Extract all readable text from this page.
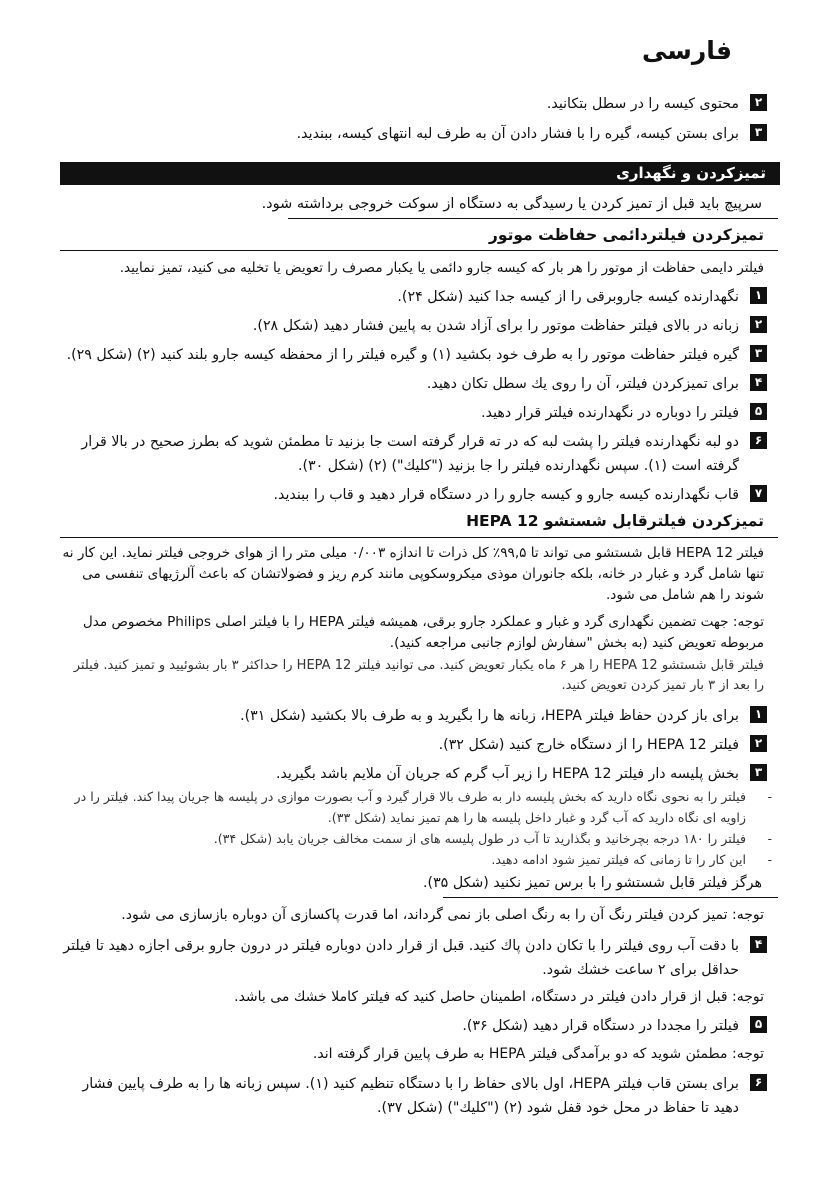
فارسی
۲
محتوی کیسه را در سطل بتکانید.
۳
برای بستن کیسه، گیره را با فشار دادن آن به طرف لبه انتهای کیسه، ببندید.
تمیزکردن و نگهداری
سرپیچ باید قبل از تمیز کردن یا رسیدگی به دستگاه از سوکت خروجی برداشته شود.
تمیزکردن فیلتردائمی حفاظت موتور
فیلتر دایمی حفاظت از موتور را هر بار که کیسه جارو دائمی یا یکبار مصرف را تعویض یا تخلیه می کنید، تمیز نمایید.
۱
نگهدارنده کیسه جاروبرقی را از کیسه جدا کنید (شکل ۲۴).
۲
زبانه در بالای فیلتر حفاظت موتور را برای آزاد شدن به پایین فشار دهید (شکل ۲۸).
۳
گیره فیلتر حفاظت موتور را به طرف خود بکشید (۱) و گیره فیلتر را از محفظه کیسه جارو بلند کنید (۲) (شکل ۲۹).
۴
برای تمیزکردن فیلتر، آن را روی یك سطل تکان دهید.
۵
فیلتر را دوباره در نگهدارنده فیلتر قرار دهید.
۶
دو لبه نگهدارنده فیلتر را پشت لبه که در ته قرار گرفته است جا بزنید تا مطمئن شوید که بطرز صحیح در بالا قرار گرفته است (۱). سپس نگهدارنده فیلتر را جا بزنید ("کلیك") (۲) (شکل ۳۰).
۷
قاب نگهدارنده کیسه جارو و کیسه جارو را در دستگاه قرار دهید و قاب را ببندید.
تمیزکردن فیلترقابل شستشو HEPA 12
فیلتر HEPA 12 قابل شستشو می تواند تا ۹۹,۵٪ کل ذرات تا اندازه ۰/۰۰۳ میلی متر را از هوای خروجی فیلتر نماید. این کار نه تنها شامل گرد و غبار در خانه، بلکه جانوران موذی میکروسکوپی مانند کرم ریز و فضولاتشان که باعث آلرژیهای تنفسی می شوند را هم شامل می شود.
توجه: جهت تضمین نگهداری گرد و غبار و عملکرد جارو برقی، همیشه فیلتر HEPA را با فیلتر اصلی Philips مخصوص مدل مربوطه تعویض کنید (به بخش "سفارش لوازم جانبی مراجعه کنید).
فیلتر قابل شستشو HEPA 12 را هر ۶ ماه یکبار تعویض کنید. می توانید فیلتر HEPA 12 را حداکثر ۳ بار بشوئیید و تمیز کنید. فیلتر را بعد از ۳ بار تمیز کردن تعویض کنید.
۱
برای باز کردن حفاظ فیلتر HEPA، زبانه ها را بگیرید و به طرف بالا بکشید (شکل ۳۱).
۲
فیلتر HEPA 12 را از دستگاه خارج کنید (شکل ۳۲).
۳
بخش پلیسه دار فیلتر HEPA 12 را زیر آب گرم که جریان آن ملایم باشد بگیرید.
-
فیلتر را به نحوی نگاه دارید که بخش پلیسه دار به طرف بالا قرار گیرد و آب بصورت موازی در پلیسه ها جریان پیدا کند. فیلتر را در زاویه ای نگاه دارید که آب گرد و غبار داخل پلیسه ها را هم تمیز نماید (شکل ۳۳).
-
فیلتر را ۱۸۰ درجه بچرخانید و بگذارید تا آب در طول پلیسه های از سمت مخالف جریان یابد (شکل ۳۴).
-
این کار را تا زمانی که فیلتر تمیز شود ادامه دهید.
هرگز فیلتر قابل شستشو را با برس تمیز نکنید (شکل ۳۵).
توجه: تمیز کردن فیلتر رنگ آن را به رنگ اصلی باز نمی گرداند، اما قدرت پاکسازی آن دوباره بازسازی می شود.
۴
با دقت آب روی فیلتر را با تکان دادن پاك کنید. قبل از قرار دادن دوباره فیلتر در درون جارو برقی اجازه دهید تا فیلتر حداقل برای ۲ ساعت خشك شود.
توجه: قبل از قرار دادن فیلتر در دستگاه، اطمینان حاصل کنید که فیلتر کاملا خشك می باشد.
۵
فیلتر را مجددا در دستگاه قرار دهید (شکل ۳۶).
توجه: مطمئن شوید که دو برآمدگی فیلتر HEPA به طرف پایین قرار گرفته اند.
۶
برای بستن قاب فیلتر HEPA، اول بالای حفاظ را با دستگاه تنظیم کنید (۱). سپس زبانه ها را به طرف پایین فشار دهید تا حفاظ در محل خود قفل شود (۲) ("کلیك") (شکل ۳۷).
